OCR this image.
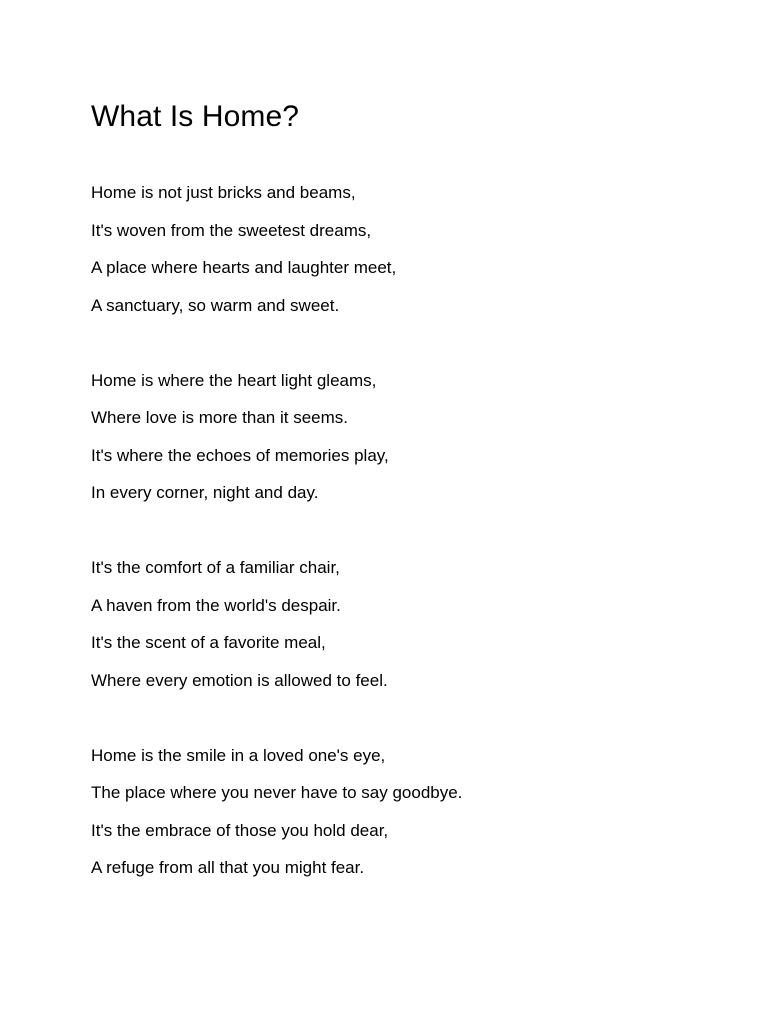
What Is Home?
Home is not just bricks and beams,
It's woven from the sweetest dreams,
A place where hearts and laughter meet,
A sanctuary, so warm and sweet.
Home is where the heart light gleams,
Where love is more than it seems.
It's where the echoes of memories play,
In every corner, night and day.
It's the comfort of a familiar chair,
A haven from the world's despair.
It's the scent of a favorite meal,
Where every emotion is allowed to feel.
Home is the smile in a loved one's eye,
The place where you never have to say goodbye.
It's the embrace of those you hold dear,
A refuge from all that you might fear.
